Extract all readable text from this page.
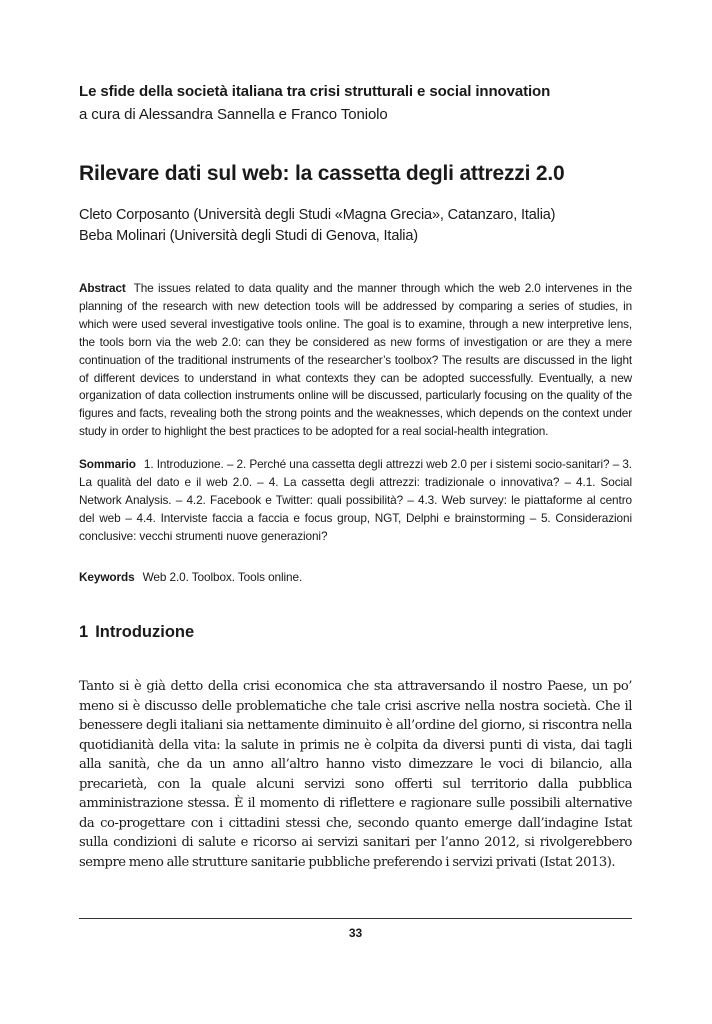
Le sfide della società italiana tra crisi strutturali e social innovation
a cura di Alessandra Sannella e Franco Toniolo
Rilevare dati sul web: la cassetta degli attrezzi 2.0
Cleto Corposanto (Università degli Studi «Magna Grecia», Catanzaro, Italia)
Beba Molinari (Università degli Studi di Genova, Italia)
Abstract The issues related to data quality and the manner through which the web 2.0 intervenes in the planning of the research with new detection tools will be addressed by comparing a series of studies, in which were used several investigative tools online. The goal is to examine, through a new interpretive lens, the tools born via the web 2.0: can they be considered as new forms of investigation or are they a mere continuation of the traditional instruments of the researcher’s toolbox? The results are discussed in the light of different devices to understand in what contexts they can be adopted successfully. Eventually, a new organization of data collection instruments online will be discussed, particularly focusing on the quality of the figures and facts, revealing both the strong points and the weaknesses, which depends on the context under study in order to highlight the best practices to be adopted for a real social-health integration.
Sommario 1. Introduzione. – 2. Perché una cassetta degli attrezzi web 2.0 per i sistemi socio-sanitari? – 3. La qualità del dato e il web 2.0. – 4. La cassetta degli attrezzi: tradizionale o innovativa? – 4.1. Social Network Analysis. – 4.2. Facebook e Twitter: quali possibilità? – 4.3. Web survey: le piattaforme al centro del web – 4.4. Interviste faccia a faccia e focus group, NGT, Delphi e brainstorming – 5. Considerazioni conclusive: vecchi strumenti nuove generazioni?
Keywords Web 2.0. Toolbox. Tools online.
1 Introduzione
Tanto si è già detto della crisi economica che sta attraversando il nostro Paese, un po’ meno si è discusso delle problematiche che tale crisi ascrive nella nostra società. Che il benessere degli italiani sia nettamente diminuito è all’ordine del giorno, si riscontra nella quotidianità della vita: la salute in primis ne è colpita da diversi punti di vista, dai tagli alla sanità, che da un anno all’altro hanno visto dimezzare le voci di bilancio, alla precarietà, con la quale alcuni servizi sono offerti sul territorio dalla pubblica amministrazione stessa. È il momento di riflettere e ragionare sulle possibili alternative da co-progettare con i cittadini stessi che, secondo quanto emerge dall’indagine Istat sulla condizioni di salute e ricorso ai servizi sanitari per l’anno 2012, si rivolgerebbero sempre meno alle strutture sanitarie pubbliche preferendo i servizi privati (Istat 2013).
33
